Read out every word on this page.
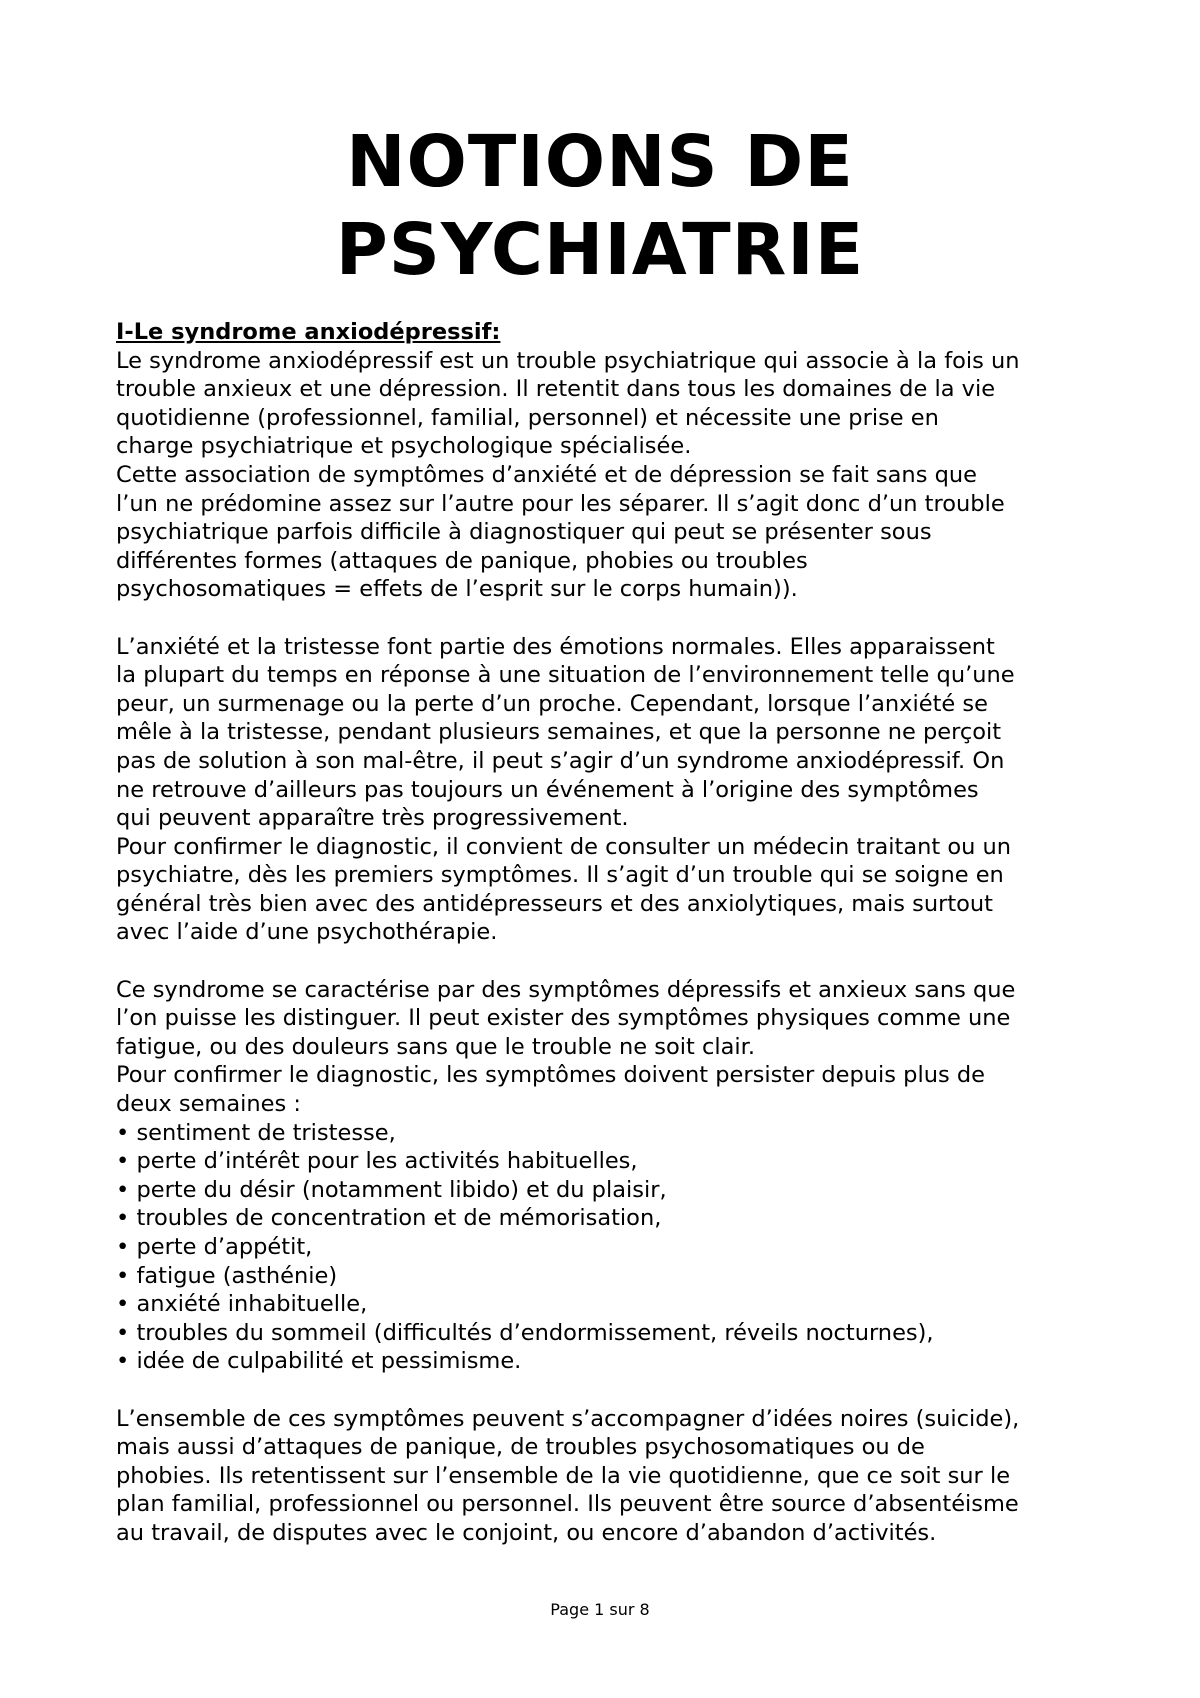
NOTIONS DE
PSYCHIATRIE
I-Le syndrome anxiodépressif:
Le syndrome anxiodépressif est un trouble psychiatrique qui associe à la fois un
trouble anxieux et une dépression. Il retentit dans tous les domaines de la vie
quotidienne (professionnel, familial, personnel) et nécessite une prise en
charge psychiatrique et psychologique spécialisée.
Cette association de symptômes d’anxiété et de dépression se fait sans que
l’un ne prédomine assez sur l’autre pour les séparer. Il s’agit donc d’un trouble
psychiatrique parfois difficile à diagnostiquer qui peut se présenter sous
différentes formes (attaques de panique, phobies ou troubles
psychosomatiques = effets de l’esprit sur le corps humain)).
L’anxiété et la tristesse font partie des émotions normales. Elles apparaissent
la plupart du temps en réponse à une situation de l’environnement telle qu’une
peur, un surmenage ou la perte d’un proche. Cependant, lorsque l’anxiété se
mêle à la tristesse, pendant plusieurs semaines, et que la personne ne perçoit
pas de solution à son mal-être, il peut s’agir d’un syndrome anxiodépressif. On
ne retrouve d’ailleurs pas toujours un événement à l’origine des symptômes
qui peuvent apparaître très progressivement.
Pour confirmer le diagnostic, il convient de consulter un médecin traitant ou un
psychiatre, dès les premiers symptômes. Il s’agit d’un trouble qui se soigne en
général très bien avec des antidépresseurs et des anxiolytiques, mais surtout
avec l’aide d’une psychothérapie.
Ce syndrome se caractérise par des symptômes dépressifs et anxieux sans que
l’on puisse les distinguer. Il peut exister des symptômes physiques comme une
fatigue, ou des douleurs sans que le trouble ne soit clair.
Pour confirmer le diagnostic, les symptômes doivent persister depuis plus de
deux semaines :
• sentiment de tristesse,
• perte d’intérêt pour les activités habituelles,
• perte du désir (notamment libido) et du plaisir,
• troubles de concentration et de mémorisation,
• perte d’appétit,
• fatigue (asthénie)
• anxiété inhabituelle,
• troubles du sommeil (difficultés d’endormissement, réveils nocturnes),
• idée de culpabilité et pessimisme.
L’ensemble de ces symptômes peuvent s’accompagner d’idées noires (suicide),
mais aussi d’attaques de panique, de troubles psychosomatiques ou de
phobies. Ils retentissent sur l’ensemble de la vie quotidienne, que ce soit sur le
plan familial, professionnel ou personnel. Ils peuvent être source d’absentéisme
au travail, de disputes avec le conjoint, ou encore d’abandon d’activités.
Page 1 sur 8
